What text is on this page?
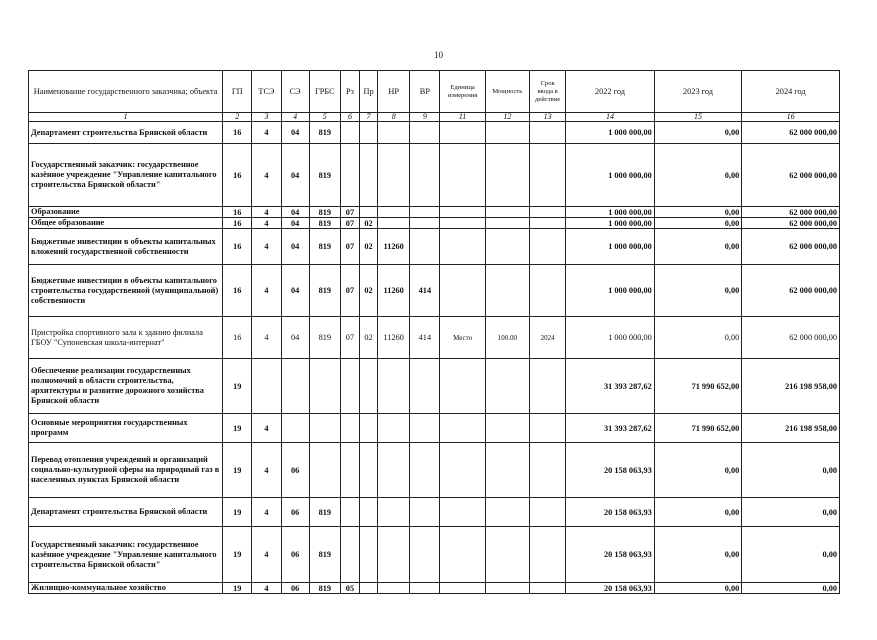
10
Наименование государственного заказчика; объекта	ГП	ТСЭ	СЭ	ГРБС	Рз	Пр	НР	ВР	Единица измерения	Мощность	Срок ввода в действие	2022 год	2023 год	2024 год
1	2	3	4	5	6	7	8	9	11	12	13	14	15	16
Департамент строительства Брянской области	16	4	04	819								1 000 000,00	0,00	62 000 000,00
Государственный заказчик: государственное казённое учреждение "Управление капитального строительства Брянской области"	16	4	04	819								1 000 000,00	0,00	62 000 000,00
Образование	16	4	04	819	07							1 000 000,00	0,00	62 000 000,00
Общее образование	16	4	04	819	07	02						1 000 000,00	0,00	62 000 000,00
Бюджетные инвестиции в объекты капитальных вложений государственной собственности	16	4	04	819	07	02	11260					1 000 000,00	0,00	62 000 000,00
Бюджетные инвестиции в объекты капитального строительства государственной (муниципальной) собственности	16	4	04	819	07	02	11260	414				1 000 000,00	0,00	62 000 000,00
Пристройка спортивного зала к зданию филиала ГБОУ "Супоневская школа-интернат"	16	4	04	819	07	02	11260	414	Место	100.00	2024	1 000 000,00	0,00	62 000 000,00
Обеспечение реализации государственных полномочий в области строительства, архитектуры и развитие дорожного хозяйства Брянской области	19											31 393 287,62	71 990 652,00	216 198 958,00
Основные мероприятия государственных программ	19	4										31 393 287,62	71 990 652,00	216 198 958,00
Перевод отопления учреждений и организаций социально-культурной сферы на природный газ в населенных пунктах Брянской области	19	4	06									20 158 063,93	0,00	0,00
Департамент строительства Брянской области	19	4	06	819								20 158 063,93	0,00	0,00
Государственный заказчик: государственное казённое учреждение "Управление капитального строительства Брянской области"	19	4	06	819								20 158 063,93	0,00	0,00
Жилищно-коммунальное хозяйство	19	4	06	819	05							20 158 063,93	0,00	0,00
